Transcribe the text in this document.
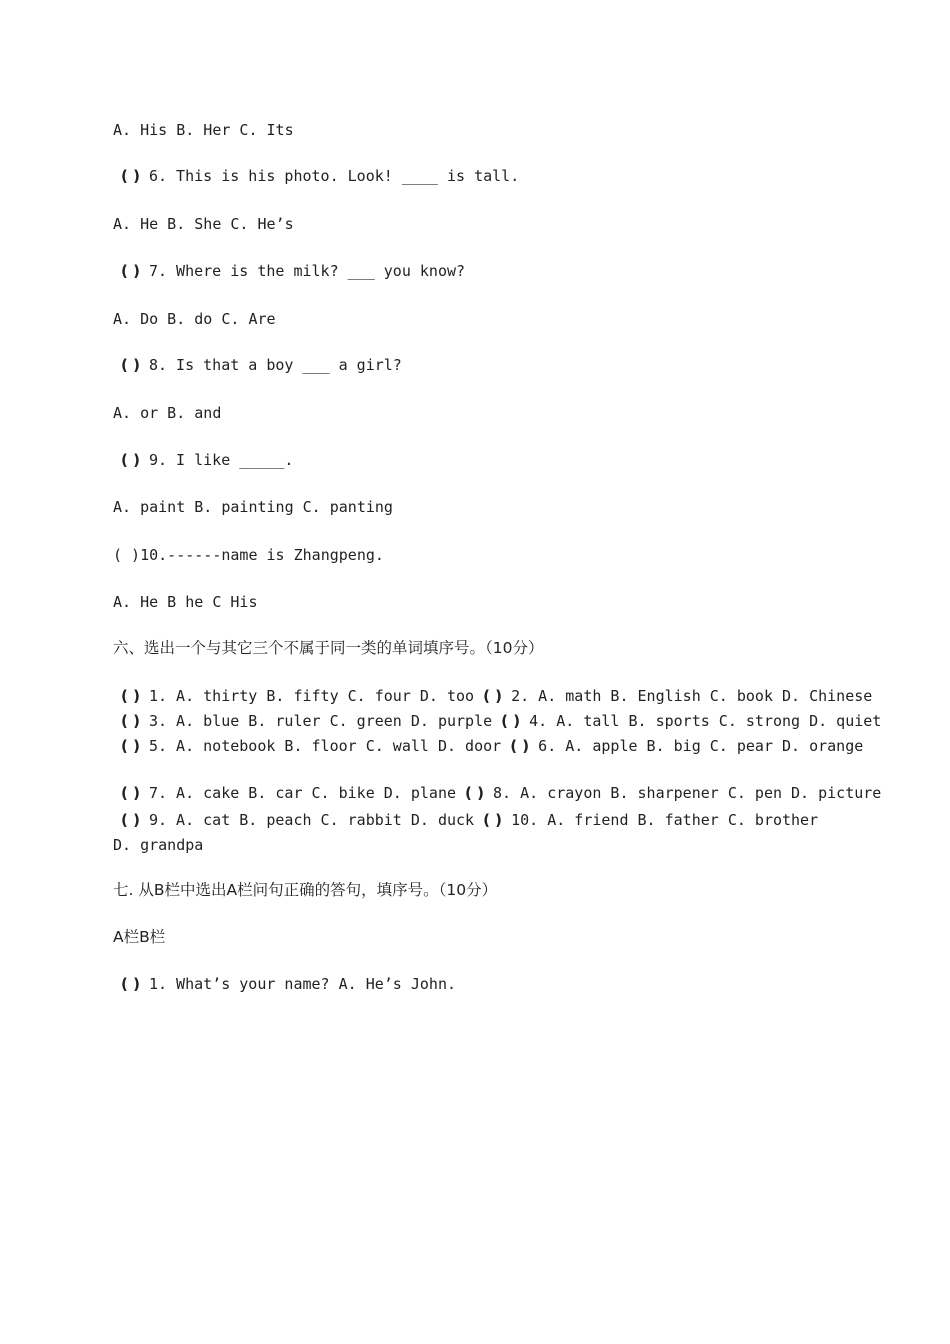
A. His B. Her C. Its
( ) 6. This is his photo. Look! ____ is tall.
A. He B. She C. He’s
( ) 7. Where is the milk? ___ you know?
A. Do B. do C. Are
( ) 8. Is that a boy ___ a girl?
A. or B. and
( ) 9. I like _____.
A. paint B. painting C. panting
( )10.------name is Zhangpeng.
A. He B he C His
六、选出一个与其它三个不属于同一类的单词填序号。（10分）
( ) 1. A. thirty B. fifty C. four D. too ( ) 2. A. math B. English C. book D. Chinese
( ) 3. A. blue B. ruler C. green D. purple ( ) 4. A. tall B. sports C. strong D. quiet
( ) 5. A. notebook B. floor C. wall D. door ( ) 6. A. apple B. big C. pear D. orange
( ) 7. A. cake B. car C. bike D. plane ( ) 8. A. crayon B. sharpener C. pen D. picture
( ) 9. A. cat B. peach C. rabbit D. duck ( ) 10. A. friend B. father C. brother D. grandpa
七. 从B栏中选出A栏问句正确的答句，填序号。（10分）
A栏B栏
( ) 1. What’s your name? A. He’s John.
